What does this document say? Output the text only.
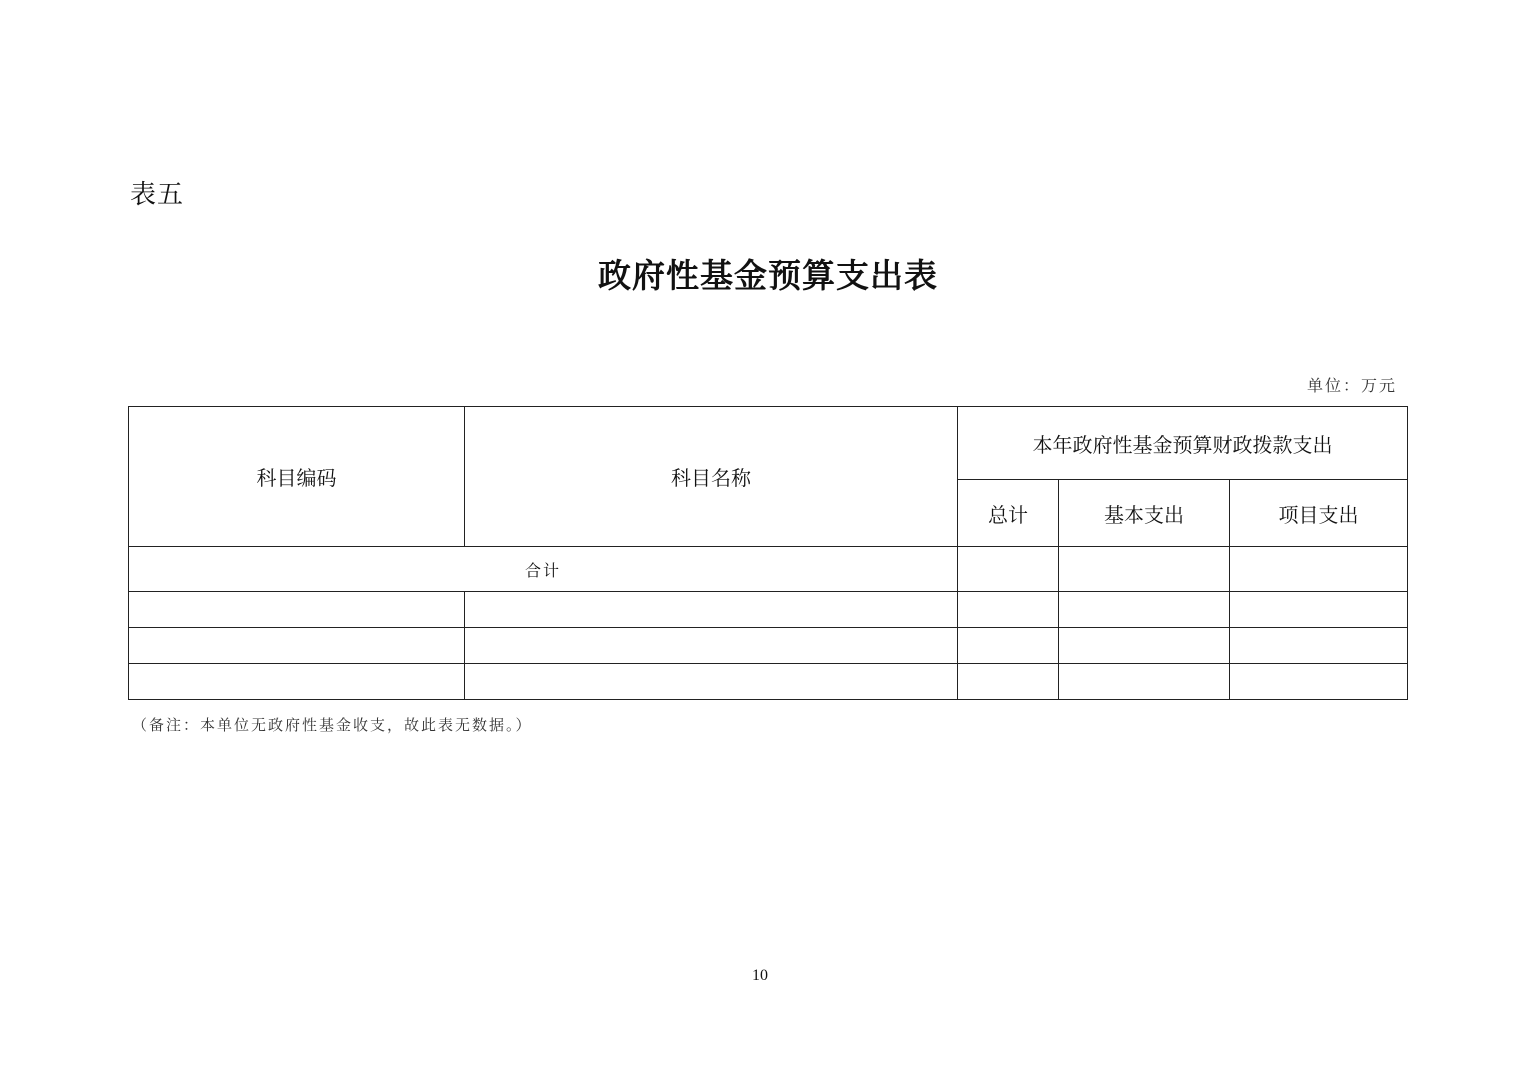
表五
政府性基金预算支出表
单位：万元
科目编码	科目名称	本年政府性基金预算财政拨款支出		
		总计	基本支出	项目支出
合计				

（备注：本单位无政府性基金收支，故此表无数据。）
10
